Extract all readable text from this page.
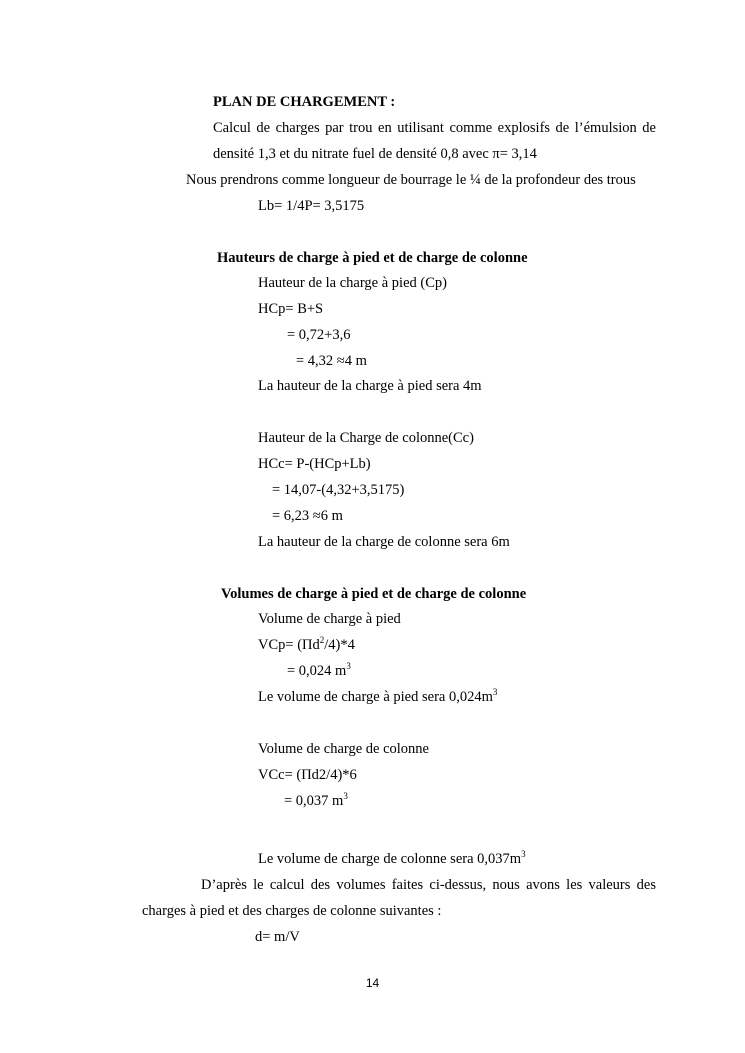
PLAN DE CHARGEMENT :
Calcul de charges par trou en utilisant comme explosifs de l’émulsion de
densité 1,3 et du nitrate fuel de densité 0,8 avec π= 3,14
Nous prendrons comme longueur de bourrage le ¼ de la profondeur des trous
Lb= 1/4P= 3,5175
Hauteurs de charge à pied et de charge de colonne
Hauteur de la charge à pied (Cp)
HCp= B+S
= 0,72+3,6
= 4,32 ≈4 m
La hauteur de la charge à pied sera 4m
Hauteur de la Charge de colonne(Cc)
HCc= P-(HCp+Lb)
= 14,07-(4,32+3,5175)
= 6,23 ≈6 m
La hauteur de la charge de colonne sera 6m
Volumes de charge à pied et de charge de colonne
Volume de charge à pied
$VCp= (\Pi d^2/4)*4$
= 0,024 $m^3$
Le volume de charge à pied sera $0,024m^3$
Volume de charge de colonne
VCc= (Πd2/4)*6
= 0,037 $m^3$
Le volume de charge de colonne sera $0,037m^3$
D’après le calcul des volumes faites ci-dessus, nous avons les valeurs des
charges à pied et des charges de colonne suivantes :
d= m/V
14
